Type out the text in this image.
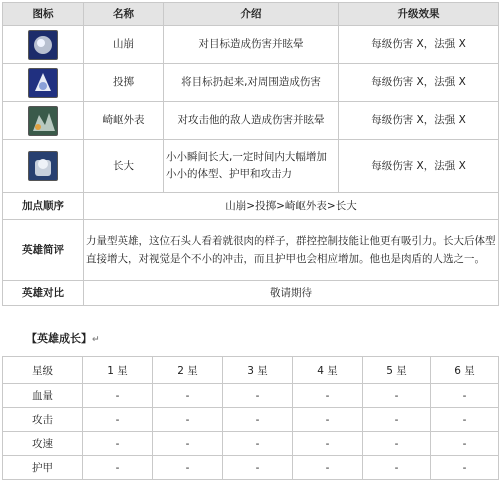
图标	名称	介绍	升级效果

	山崩	对目标造成伤害并眩晕	每级伤害 X，法强 X

	投掷	将目标扔起来,对周围造成伤害	每级伤害 X，法强 X

	崎岖外表	对攻击他的敌人造成伤害并眩晕	每级伤害 X，法强 X

	长大	小小瞬间长大,一定时间内大幅增加小小的体型、护甲和攻击力	每级伤害 X，法强 X
加点顺序	山崩>投掷>崎岖外表>长大		
英雄简评	力量型英雄，这位石头人看着就很肉的样子，群控控制技能让他更有吸引力。长大后体型直接增大，对视觉是个不小的冲击，而且护甲也会相应增加。他也是肉盾的人选之一。		
英雄对比	敬请期待		
【英雄成长】↵
星级	1 星	2 星	3 星	4 星	5 星	6 星
血量	-	-	-	-	-	-
攻击	-	-	-	-	-	-
攻速	-	-	-	-	-	-
护甲	-	-	-	-	-	-
